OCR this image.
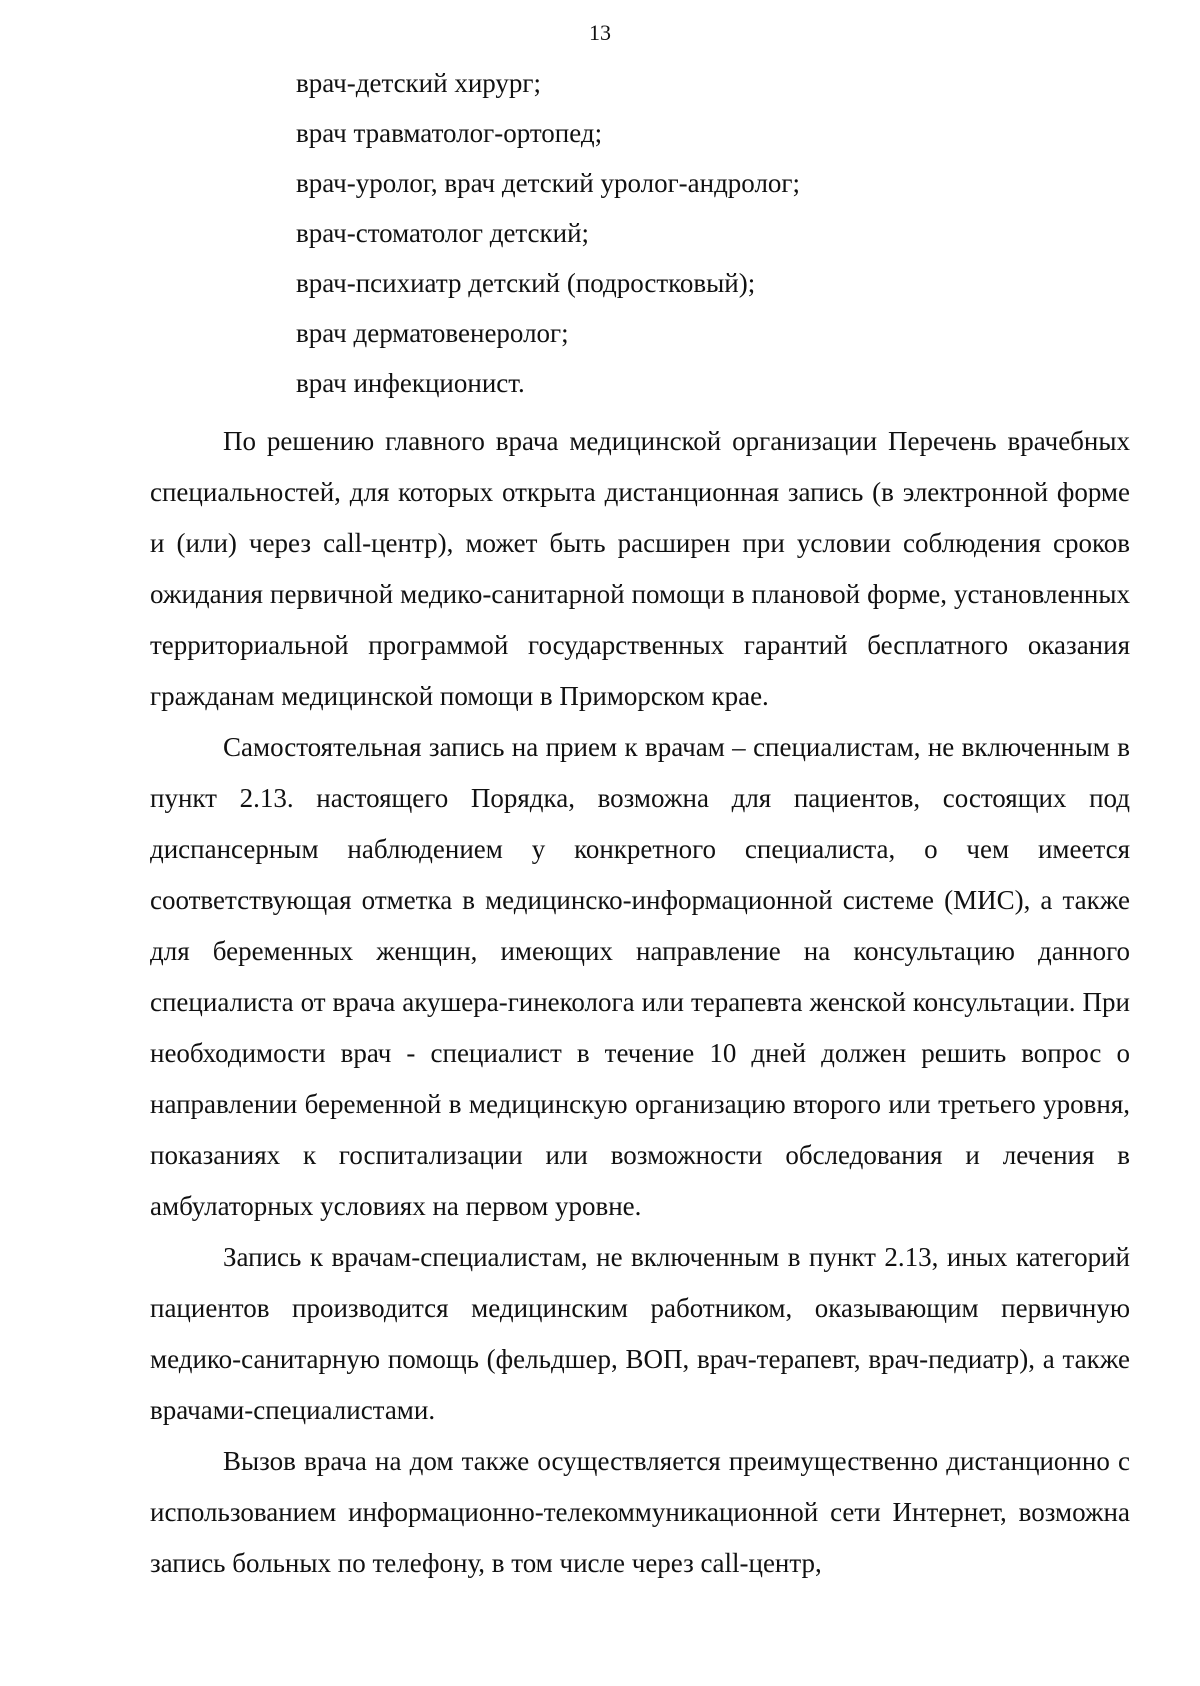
13
врач-детский хирург;
врач травматолог-ортопед;
врач-уролог, врач детский уролог-андролог;
врач-стоматолог детский;
врач-психиатр детский (подростковый);
врач дерматовенеролог;
врач инфекционист.

По решению главного врача медицинской организации Перечень врачебных специальностей, для которых открыта дистанционная запись (в электронной форме и (или) через call-центр), может быть расширен при условии соблюдения сроков ожидания первичной медико-санитарной помощи в плановой форме, установленных территориальной программой государственных гарантий бесплатного оказания гражданам медицинской помощи в Приморском крае.

Самостоятельная запись на прием к врачам – специалистам, не включенным в пункт 2.13. настоящего Порядка, возможна для пациентов, состоящих под диспансерным наблюдением у конкретного специалиста, о чем имеется соответствующая отметка в медицинско-информационной системе (МИС), а также для беременных женщин, имеющих направление на консультацию данного специалиста от врача акушера-гинеколога или терапевта женской консультации. При необходимости врач - специалист в течение 10 дней должен решить вопрос о направлении беременной в медицинскую организацию второго или третьего уровня, показаниях к госпитализации или возможности обследования и лечения в амбулаторных условиях на первом уровне.

Запись к врачам-специалистам, не включенным в пункт 2.13, иных категорий пациентов производится медицинским работником, оказывающим первичную медико-санитарную помощь (фельдшер, ВОП, врач-терапевт, врач-педиатр), а также врачами-специалистами.

Вызов врача на дом также осуществляется преимущественно дистанционно с использованием информационно-телекоммуникационной сети Интернет, возможна запись больных по телефону, в том числе через call-центр,
